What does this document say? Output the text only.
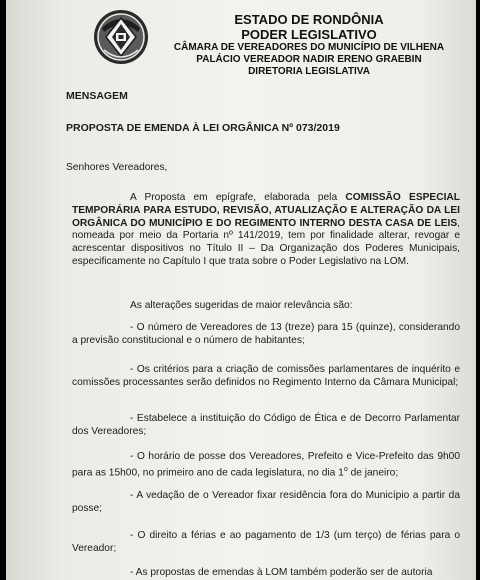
ESTADO DE RONDÔNIA
PODER LEGISLATIVO
CÂMARA DE VEREADORES DO MUNICÍPIO DE VILHENA
PALÁCIO VEREADOR NADIR ERENO GRAEBIN
DIRETORIA LEGISLATIVA
MENSAGEM
PROPOSTA DE EMENDA À LEI ORGÂNICA Nº 073/2019
Senhores Vereadores,

A Proposta em epígrafe, elaborada pela COMISSÃO ESPECIAL TEMPORÁRIA PARA ESTUDO, REVISÃO, ATUALIZAÇÃO E ALTERAÇÃO DA LEI ORGÂNICA DO MUNICÍPIO E DO REGIMENTO INTERNO DESTA CASA DE LEIS, nomeada por meio da Portaria nº 141/2019, tem por finalidade alterar, revogar e acrescentar dispositivos no Título II – Da Organização dos Poderes Municipais, especificamente no Capítulo I que trata sobre o Poder Legislativo na LOM.

As alterações sugeridas de maior relevância são:

- O número de Vereadores de 13 (treze) para 15 (quinze), considerando a previsão constitucional e o número de habitantes;

- Os critérios para a criação de comissões parlamentares de inquérito e comissões processantes serão definidos no Regimento Interno da Câmara Municipal;

- Estabelece a instituição do Código de Ética e de Decorro Parlamentar dos Vereadores;

- O horário de posse dos Vereadores, Prefeito e Vice-Prefeito das 9h00 para as 15h00, no primeiro ano de cada legislatura, no dia 1$^o$ de janeiro;

- A vedação de o Vereador fixar residência fora do Município a partir da posse;

- O direito a férias e ao pagamento de 1/3 (um terço) de férias para o Vereador;

- As propostas de emendas à LOM também poderão ser de autoria
